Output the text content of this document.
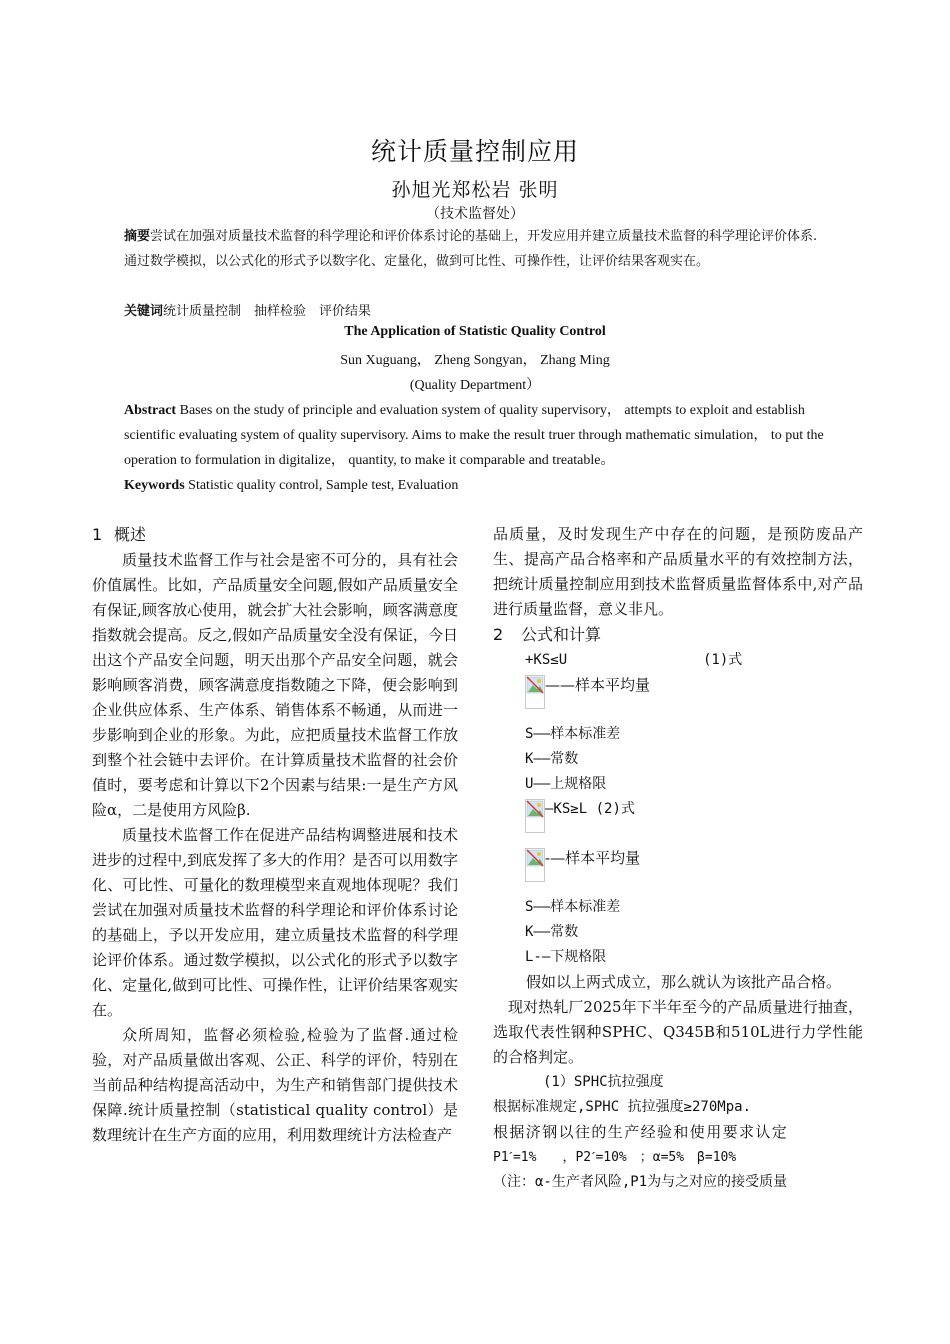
统计质量控制应用
孙旭光郑松岩 张明
（技术监督处）
摘要尝试在加强对质量技术监督的科学理论和评价体系讨论的基础上，开发应用并建立质量技术监督的科学理论评价体系.通过数学模拟，以公式化的形式予以数字化、定量化，做到可比性、可操作性，让评价结果客观实在。
关键词统计质量控制　抽样检验　评价结果
The Application of Statistic Quality Control
Sun Xuguang， Zheng Songyan， Zhang Ming
(Quality Department）
Abstract Bases on the study of principle and evaluation system of quality supervisory， attempts to exploit and establish scientific evaluating system of quality supervisory. Aims to make the result truer through mathematic simulation， to put the operation to formulation in digitalize， quantity, to make it comparable and treatable。
Keywords Statistic quality control, Sample test, Evaluation
1 概述

质量技术监督工作与社会是密不可分的，具有社会价值属性。比如，产品质量安全问题,假如产品质量安全有保证,顾客放心使用，就会扩大社会影响，顾客满意度指数就会提高。反之,假如产品质量安全没有保证，今日出这个产品安全问题，明天出那个产品安全问题，就会影响顾客消费，顾客满意度指数随之下降，便会影响到企业供应体系、生产体系、销售体系不畅通，从而进一步影响到企业的形象。为此，应把质量技术监督工作放到整个社会链中去评价。在计算质量技术监督的社会价值时，要考虑和计算以下2个因素与结果:一是生产方风险α，二是使用方风险β.

质量技术监督工作在促进产品结构调整进展和技术进步的过程中,到底发挥了多大的作用？是否可以用数字化、可比性、可量化的数理模型来直观地体现呢？我们尝试在加强对质量技术监督的科学理论和评价体系讨论的基础上，予以开发应用，建立质量技术监督的科学理论评价体系。通过数学模拟，以公式化的形式予以数字化、定量化,做到可比性、可操作性，让评价结果客观实在。

众所周知，监督必须检验,检验为了监督.通过检验，对产品质量做出客观、公正、科学的评价，特别在当前品种结构提高活动中，为生产和销售部门提供技术保障.统计质量控制（statistical quality control）是数理统计在生产方面的应用，利用数理统计方法检查产

品质量，及时发现生产中存在的问题，是预防废品产生、提高产品合格率和产品质量水平的有效控制方法，把统计质量控制应用到技术监督质量监督体系中,对产品进行质量监督，意义非凡。

2 公式和计算
+KS≤U	(1)式
——样本平均量
S——样本标准差
K——常数
U——上规格限
—KS≥L (2)式
-—样本平均量
S——样本标准差
K——常数
L-—下规格限

假如以上两式成立，那么就认为该批产品合格。

现对热轧厂2025年下半年至今的产品质量进行抽查，选取代表性钢种SPHC、Q345B和510L进行力学性能的合格判定。

(1）SPHC抗拉强度
根据标准规定,SPHC 抗拉强度≥270Mpa.
根据济钢以往的生产经验和使用要求认定
P1ˊ=1%　　，P2ˊ=10%　；α=5%　β=10%
（注：α-生产者风险,P1为与之对应的接受质量
